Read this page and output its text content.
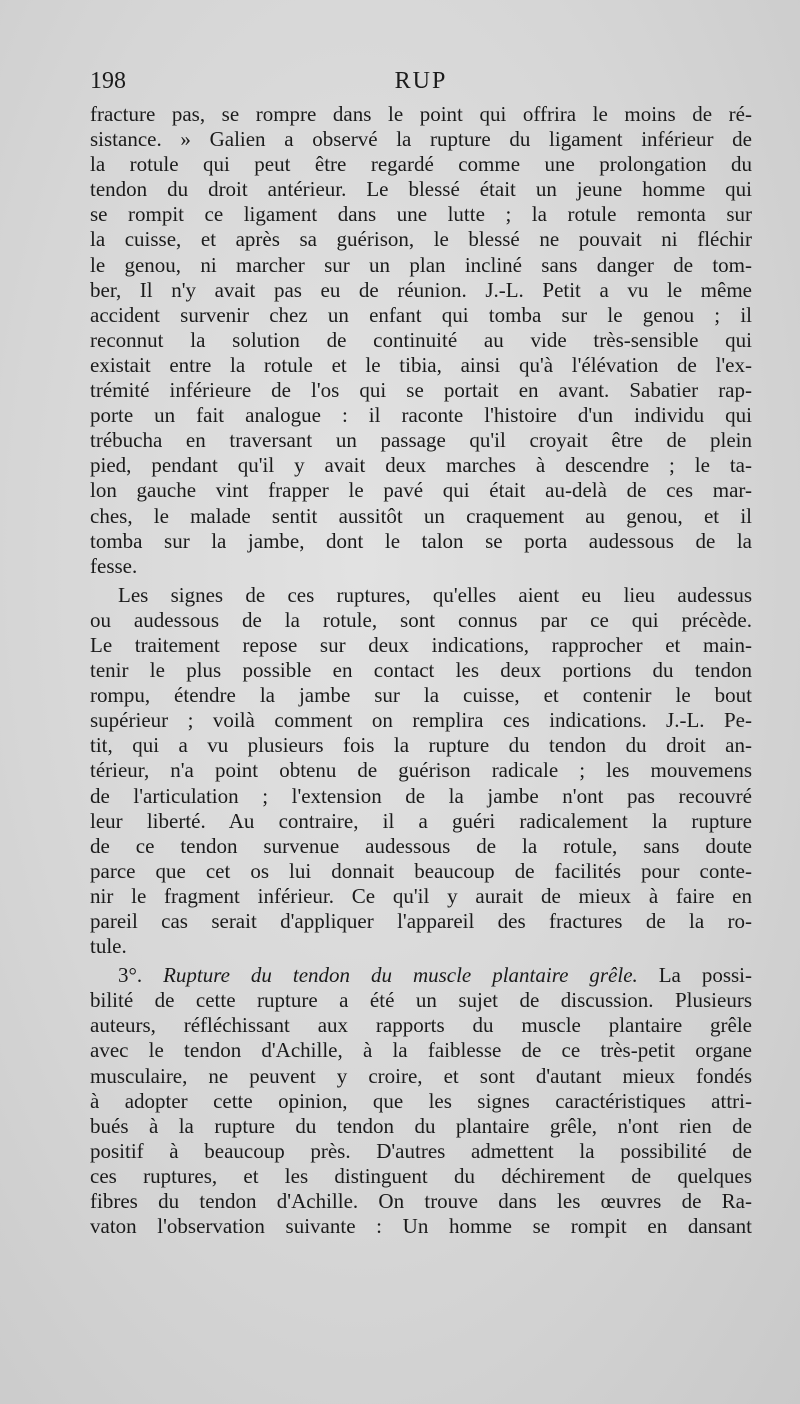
198	RUP
fracture pas, se rompre dans le point qui offrira le moins de ré-
sistance. » Galien a observé la rupture du ligament inférieur de
la rotule qui peut être regardé comme une prolongation du
tendon du droit antérieur. Le blessé était un jeune homme qui
se rompit ce ligament dans une lutte ; la rotule remonta sur
la cuisse, et après sa guérison, le blessé ne pouvait ni fléchir
le genou, ni marcher sur un plan incliné sans danger de tom-
ber, Il n'y avait pas eu de réunion. J.-L. Petit a vu le même
accident survenir chez un enfant qui tomba sur le genou ; il
reconnut la solution de continuité au vide très-sensible qui
existait entre la rotule et le tibia, ainsi qu'à l'élévation de l'ex-
trémité inférieure de l'os qui se portait en avant. Sabatier rap-
porte un fait analogue : il raconte l'histoire d'un individu qui
trébucha en traversant un passage qu'il croyait être de plein
pied, pendant qu'il y avait deux marches à descendre ; le ta-
lon gauche vint frapper le pavé qui était au-delà de ces mar-
ches, le malade sentit aussitôt un craquement au genou, et il
tomba sur la jambe, dont le talon se porta audessous de la
fesse.
Les signes de ces ruptures, qu'elles aient eu lieu audessus
ou audessous de la rotule, sont connus par ce qui précède.
Le traitement repose sur deux indications, rapprocher et main-
tenir le plus possible en contact les deux portions du tendon
rompu, étendre la jambe sur la cuisse, et contenir le bout
supérieur ; voilà comment on remplira ces indications. J.-L. Pe-
tit, qui a vu plusieurs fois la rupture du tendon du droit an-
térieur, n'a point obtenu de guérison radicale ; les mouvemens
de l'articulation ; l'extension de la jambe n'ont pas recouvré
leur liberté. Au contraire, il a guéri radicalement la rupture
de ce tendon survenue audessous de la rotule, sans doute
parce que cet os lui donnait beaucoup de facilités pour conte-
nir le fragment inférieur. Ce qu'il y aurait de mieux à faire en
pareil cas serait d'appliquer l'appareil des fractures de la ro-
tule.
3°. Rupture du tendon du muscle plantaire grêle. La possi-
bilité de cette rupture a été un sujet de discussion. Plusieurs
auteurs, réfléchissant aux rapports du muscle plantaire grêle
avec le tendon d'Achille, à la faiblesse de ce très-petit organe
musculaire, ne peuvent y croire, et sont d'autant mieux fondés
à adopter cette opinion, que les signes caractéristiques attri-
bués à la rupture du tendon du plantaire grêle, n'ont rien de
positif à beaucoup près. D'autres admettent la possibilité de
ces ruptures, et les distinguent du déchirement de quelques
fibres du tendon d'Achille. On trouve dans les œuvres de Ra-
vaton l'observation suivante : Un homme se rompit en dansant
